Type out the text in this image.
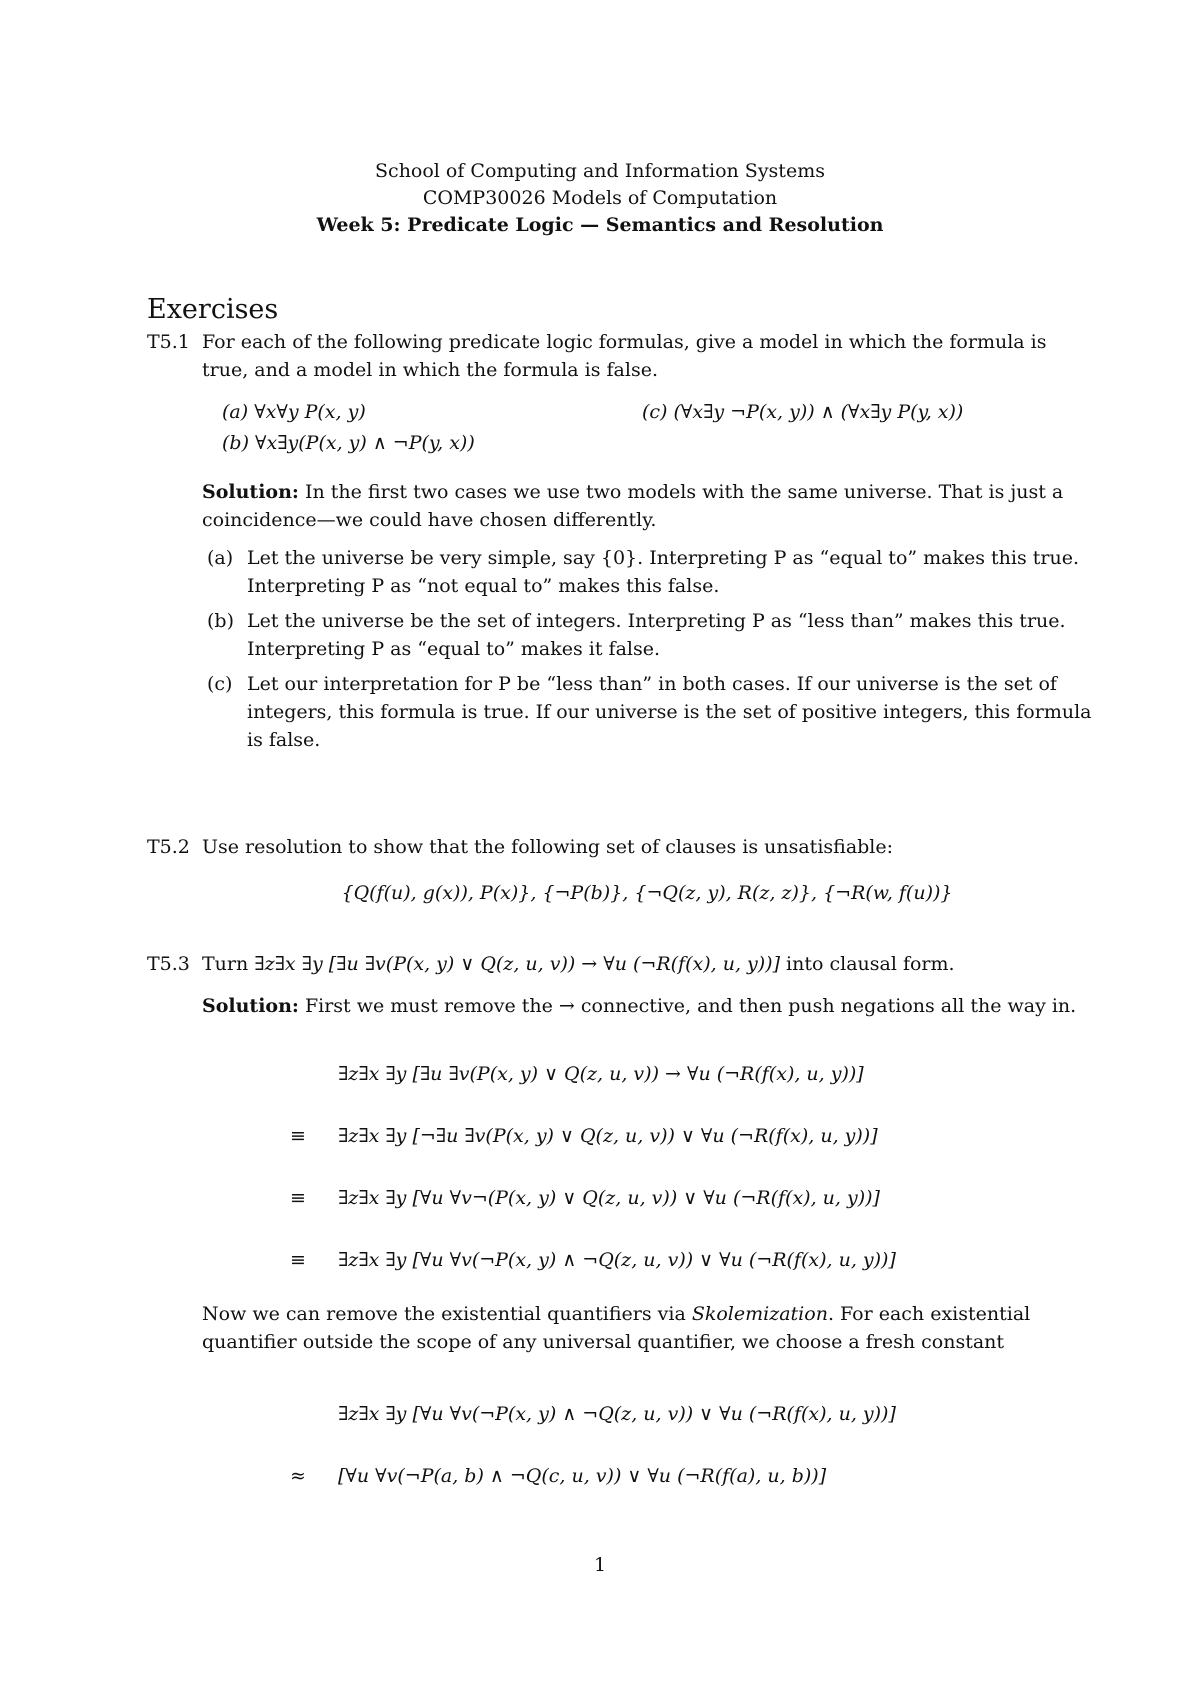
School of Computing and Information Systems
COMP30026 Models of Computation
Week 5: Predicate Logic — Semantics and Resolution
Exercises
T5.1 For each of the following predicate logic formulas, give a model in which the formula is true, and a model in which the formula is false.
(a) ∀x∀y P(x, y)
(b) ∀x∃y(P(x, y) ∧ ¬P(y, x))
(c) (∀x∃y ¬P(x, y)) ∧ (∀x∃y P(y, x))
Solution: In the first two cases we use two models with the same universe. That is just a coincidence—we could have chosen differently.
(a) Let the universe be very simple, say {0}. Interpreting P as “equal to” makes this true. Interpreting P as “not equal to” makes this false.
(b) Let the universe be the set of integers. Interpreting P as “less than” makes this true. Interpreting P as “equal to” makes it false.
(c) Let our interpretation for P be “less than” in both cases. If our universe is the set of integers, this formula is true. If our universe is the set of positive integers, this formula is false.
T5.2 Use resolution to show that the following set of clauses is unsatisfiable:
{Q(f(u), g(x)), P(x)}, {¬P(b)}, {¬Q(z, y), R(z, z)}, {¬R(w, f(u))}
T5.3 Turn ∃z∃x ∃y [∃u ∃v(P(x, y) ∨ Q(z, u, v)) → ∀u (¬R(f(x), u, y))] into clausal form.
Solution: First we must remove the → connective, and then push negations all the way in.
∃z∃x ∃y [∃u ∃v(P(x, y) ∨ Q(z, u, v)) → ∀u (¬R(f(x), u, y))]
≡	∃z∃x ∃y [¬∃u ∃v(P(x, y) ∨ Q(z, u, v)) ∨ ∀u (¬R(f(x), u, y))]
≡	∃z∃x ∃y [∀u ∀v¬(P(x, y) ∨ Q(z, u, v)) ∨ ∀u (¬R(f(x), u, y))]
≡	∃z∃x ∃y [∀u ∀v(¬P(x, y) ∧ ¬Q(z, u, v)) ∨ ∀u (¬R(f(x), u, y))]
Now we can remove the existential quantifiers via Skolemization. For each existential quantifier outside the scope of any universal quantifier, we choose a fresh constant
∃z∃x ∃y [∀u ∀v(¬P(x, y) ∧ ¬Q(z, u, v)) ∨ ∀u (¬R(f(x), u, y))]
≈	[∀u ∀v(¬P(a, b) ∧ ¬Q(c, u, v)) ∨ ∀u (¬R(f(a), u, b))]
1
